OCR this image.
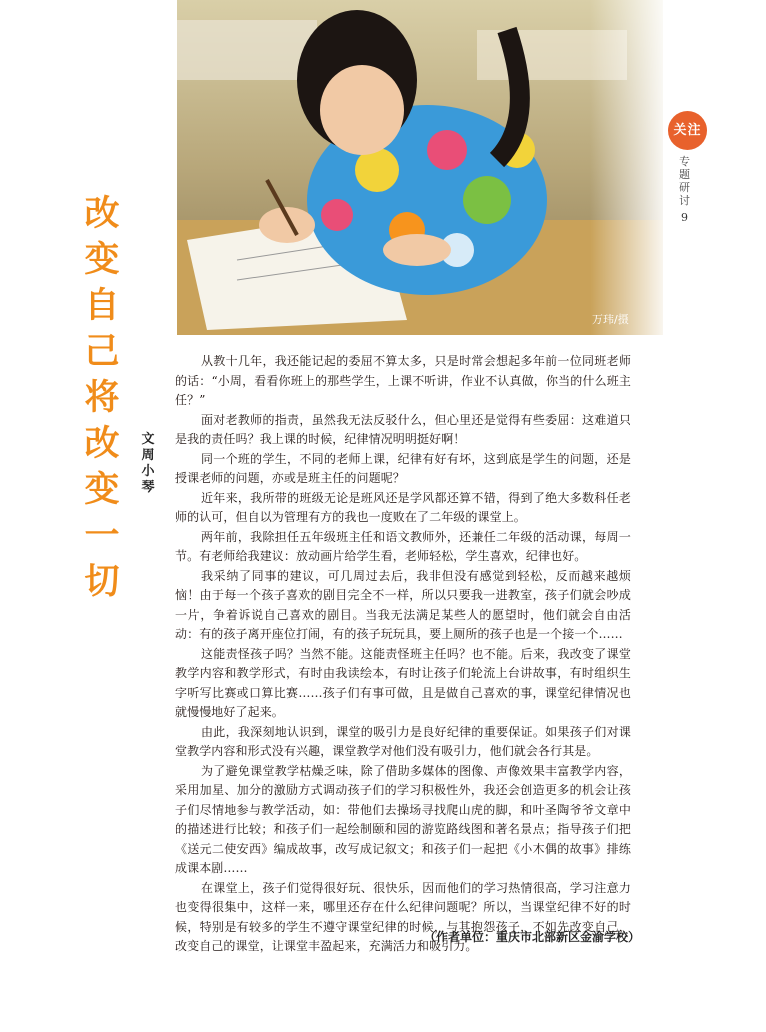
万玮/摄
关注
专题研讨
9
改变自己将改变一切
文周小琴

从教十几年，我还能记起的委屈不算太多，只是时常会想起多年前一位同班老师的话：“小周，看看你班上的那些学生，上课不听讲，作业不认真做，你当的什么班主任？”

面对老教师的指责，虽然我无法反驳什么，但心里还是觉得有些委屈：这难道只是我的责任吗？我上课的时候，纪律情况明明挺好啊！

同一个班的学生，不同的老师上课，纪律有好有坏，这到底是学生的问题，还是授课老师的问题，亦或是班主任的问题呢？

近年来，我所带的班级无论是班风还是学风都还算不错，得到了绝大多数科任老师的认可，但自以为管理有方的我也一度败在了二年级的课堂上。

两年前，我除担任五年级班主任和语文教师外，还兼任二年级的活动课，每周一节。有老师给我建议：放动画片给学生看，老师轻松，学生喜欢，纪律也好。

我采纳了同事的建议，可几周过去后，我非但没有感觉到轻松，反而越来越烦恼！由于每一个孩子喜欢的剧目完全不一样，所以只要我一进教室，孩子们就会吵成一片，争着诉说自己喜欢的剧目。当我无法满足某些人的愿望时，他们就会自由活动：有的孩子离开座位打闹，有的孩子玩玩具，要上厕所的孩子也是一个接一个……

这能责怪孩子吗？当然不能。这能责怪班主任吗？也不能。后来，我改变了课堂教学内容和教学形式，有时由我读绘本，有时让孩子们轮流上台讲故事，有时组织生字听写比赛或口算比赛……孩子们有事可做，且是做自己喜欢的事，课堂纪律情况也就慢慢地好了起来。

由此，我深刻地认识到，课堂的吸引力是良好纪律的重要保证。如果孩子们对课堂教学内容和形式没有兴趣，课堂教学对他们没有吸引力，他们就会各行其是。

为了避免课堂教学枯燥乏味，除了借助多媒体的图像、声像效果丰富教学内容，采用加星、加分的激励方式调动孩子们的学习积极性外，我还会创造更多的机会让孩子们尽情地参与教学活动，如：带他们去操场寻找爬山虎的脚，和叶圣陶爷爷文章中的描述进行比较；和孩子们一起绘制颐和园的游览路线图和著名景点；指导孩子们把《送元二使安西》编成故事，改写成记叙文；和孩子们一起把《小木偶的故事》排练成课本剧……

在课堂上，孩子们觉得很好玩、很快乐，因而他们的学习热情很高，学习注意力也变得很集中，这样一来，哪里还存在什么纪律问题呢？所以，当课堂纪律不好的时候，特别是有较多的学生不遵守课堂纪律的时候，与其抱怨孩子，不如先改变自己，改变自己的课堂，让课堂丰盈起来，充满活力和吸引力。

（作者单位：重庆市北部新区金渝学校）
